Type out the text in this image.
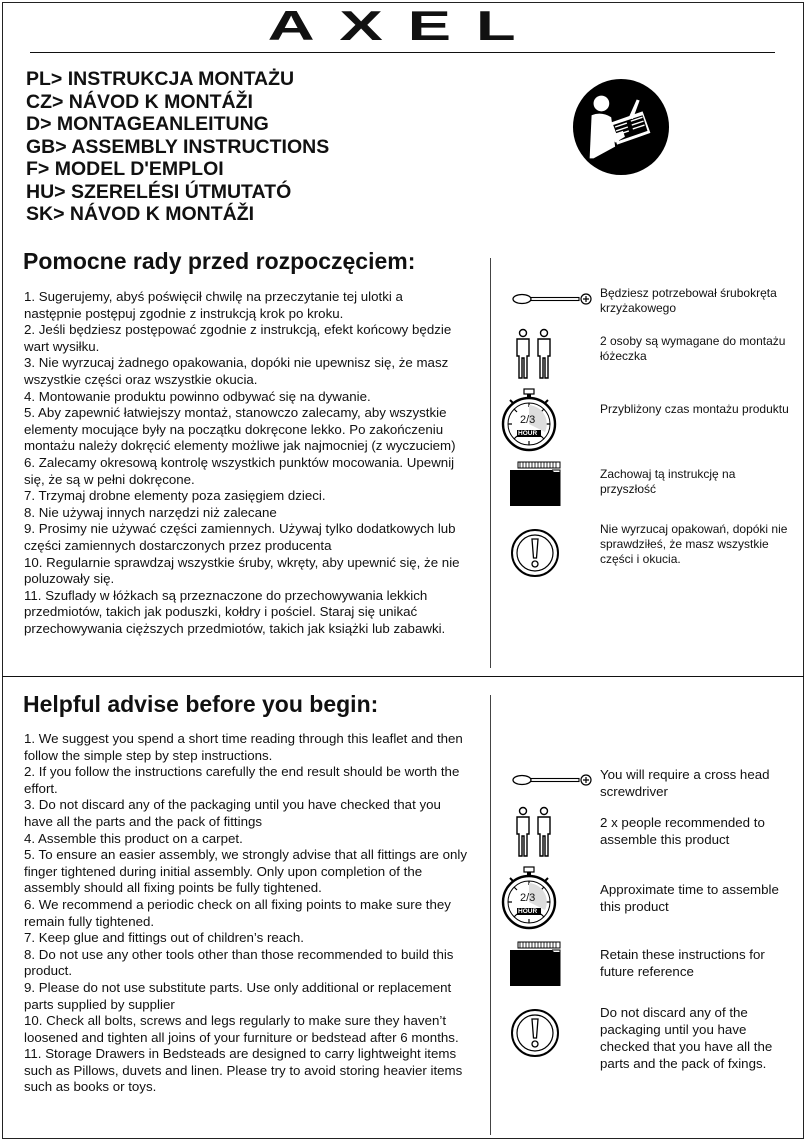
AXEL
PL> INSTRUKCJA MONTAŻU
CZ> NÁVOD K MONTÁŽI
D> MONTAGEANLEITUNG
GB> ASSEMBLY INSTRUCTIONS
F> MODEL D'EMPLOI
HU> SZERELÉSI ÚTMUTATÓ
SK> NÁVOD K MONTÁŽI
Pomocne rady przed rozpoczęciem:
1. Sugerujemy, abyś poświęcił chwilę na przeczytanie tej ulotki a następnie postępuj zgodnie z instrukcją krok po kroku.
2. Jeśli będziesz postępować zgodnie z instrukcją, efekt końcowy będzie wart wysiłku.
3. Nie wyrzucaj żadnego opakowania, dopóki nie upewnisz się, że masz wszystkie części oraz wszystkie okucia.
4. Montowanie produktu powinno odbywać się na dywanie.
5. Aby zapewnić łatwiejszy montaż, stanowczo zalecamy, aby wszystkie elementy mocujące były na początku dokręcone lekko. Po zakończeniu montażu należy dokręcić elementy możliwe jak najmocniej (z wyczuciem)
6. Zalecamy okresową kontrolę wszystkich punktów mocowania. Upewnij się, że są w pełni dokręcone.
7. Trzymaj drobne elementy poza zasięgiem dzieci.
8. Nie używaj innych narzędzi niż zalecane
9. Prosimy nie używać części zamiennych. Używaj tylko dodatkowych lub części zamiennych dostarczonych przez producenta
10. Regularnie sprawdzaj wszystkie śruby, wkręty, aby upewnić się, że nie poluzowały się.
11. Szuflady w łóżkach są przeznaczone do przechowywania lekkich przedmiotów, takich jak poduszki, kołdry i pościel. Staraj się unikać przechowywania cięższych przedmiotów, takich jak książki lub zabawki.
Będziesz potrzebował śrubokręta krzyżakowego
2 osoby są wymagane do montażu łóżeczka
2/3
HOUR
Przybliżony czas montażu produktu
Zachowaj tą instrukcję na przyszłość
Nie wyrzucaj opakowań, dopóki nie sprawdziłeś, że masz wszystkie części i okucia.
Helpful advise before you begin:
1. We suggest you spend a short time reading through this leaflet and then follow the simple step by step instructions.
2. If you follow the instructions carefully the end result should be worth the effort.
3. Do not discard any of the packaging until you have checked that you have all the parts and the pack of fittings
4. Assemble this product on a carpet.
5. To ensure an easier assembly, we strongly advise that all fittings are only finger tightened during initial assembly. Only upon completion of the assembly should all fixing points be fully tightened.
6. We recommend a periodic check on all fixing points to make sure they remain fully tightened.
7. Keep glue and fittings out of children’s reach.
8. Do not use any other tools other than those recommended to build this product.
9. Please do not use substitute parts. Use only additional or replacement parts supplied by supplier
10. Check all bolts, screws and legs regularly to make sure they haven’t loosened and tighten all joins of your furniture or bedstead after 6 months.
11. Storage Drawers in Bedsteads are designed to carry lightweight items such as Pillows, duvets and linen. Please try to avoid storing heavier items such as books or toys.
You will require a cross head screwdriver
2 x people recommended to assemble this product
2/3
HOUR
Approximate time to assemble this product
Retain these instructions for future reference
Do not discard any of the packaging until you have checked that you have all the parts and the pack of fxings.
